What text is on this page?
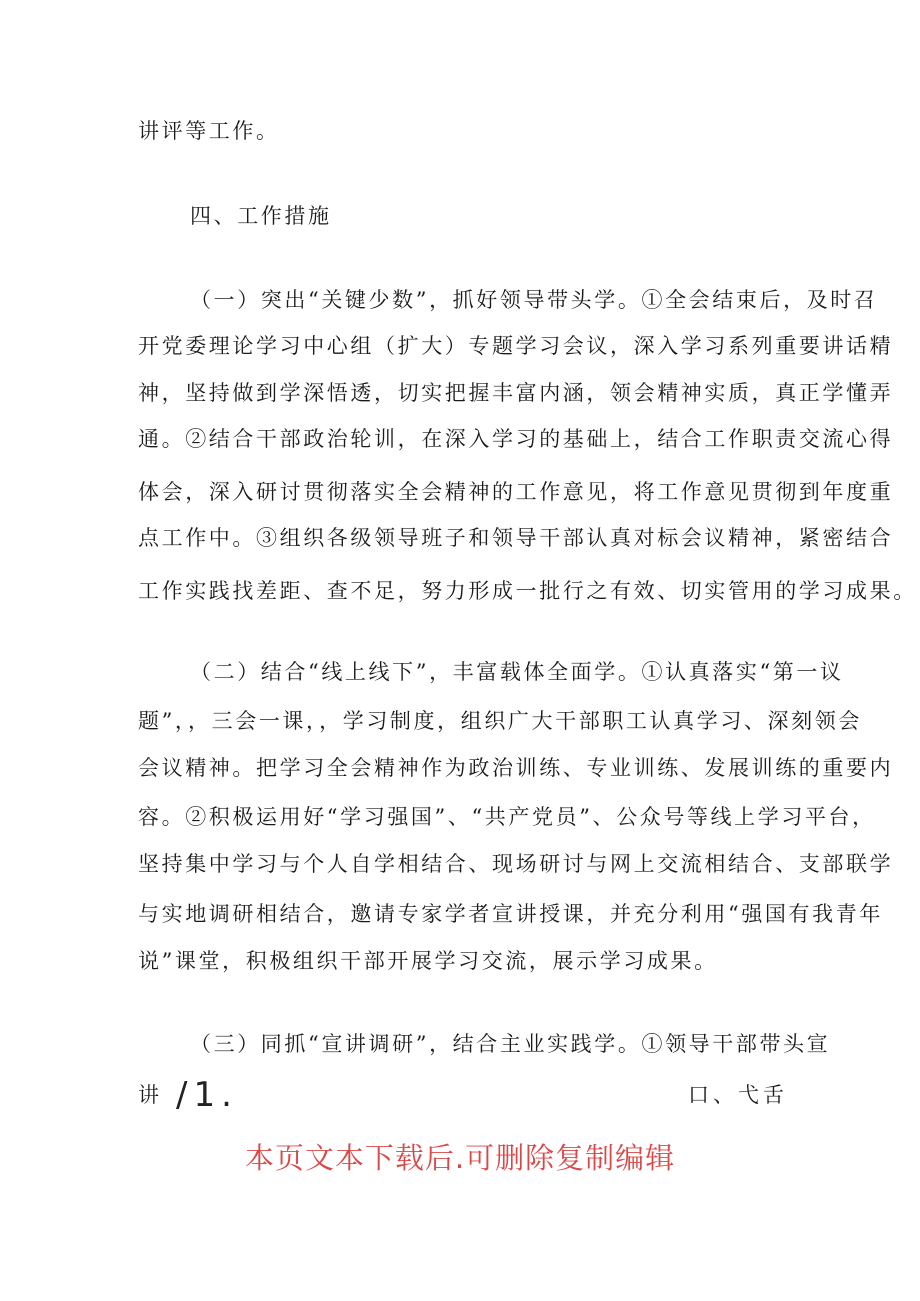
讲评等工作。
四、工作措施
（一）突出“关键少数”，抓好领导带头学。①全会结束后，及时召
开党委理论学习中心组（扩大）专题学习会议，深入学习系列重要讲话精
神，坚持做到学深悟透，切实把握丰富内涵，领会精神实质，真正学懂弄
通。②结合干部政治轮训，在深入学习的基础上，结合工作职责交流心得
体会，深入研讨贯彻落实全会精神的工作意见，将工作意见贯彻到年度重
点工作中。③组织各级领导班子和领导干部认真对标会议精神，紧密结合
工作实践找差距、查不足，努力形成一批行之有效、切实管用的学习成果。
（二）结合“线上线下”，丰富载体全面学。①认真落实“第一议
题”，，三会一课，，学习制度，组织广大干部职工认真学习、深刻领会
会议精神。把学习全会精神作为政治训练、专业训练、发展训练的重要内
容。②积极运用好“学习强国”、“共产党员”、公众号等线上学习平台，
坚持集中学习与个人自学相结合、现场研讨与网上交流相结合、支部联学
与实地调研相结合，邀请专家学者宣讲授课，并充分利用“强国有我青年
说”课堂，积极组织干部开展学习交流，展示学习成果。
（三）同抓“宣讲调研”，结合主业实践学。①领导干部带头宣
讲 /1.	口、弋舌
本页文本下载后.可删除复制编辑
